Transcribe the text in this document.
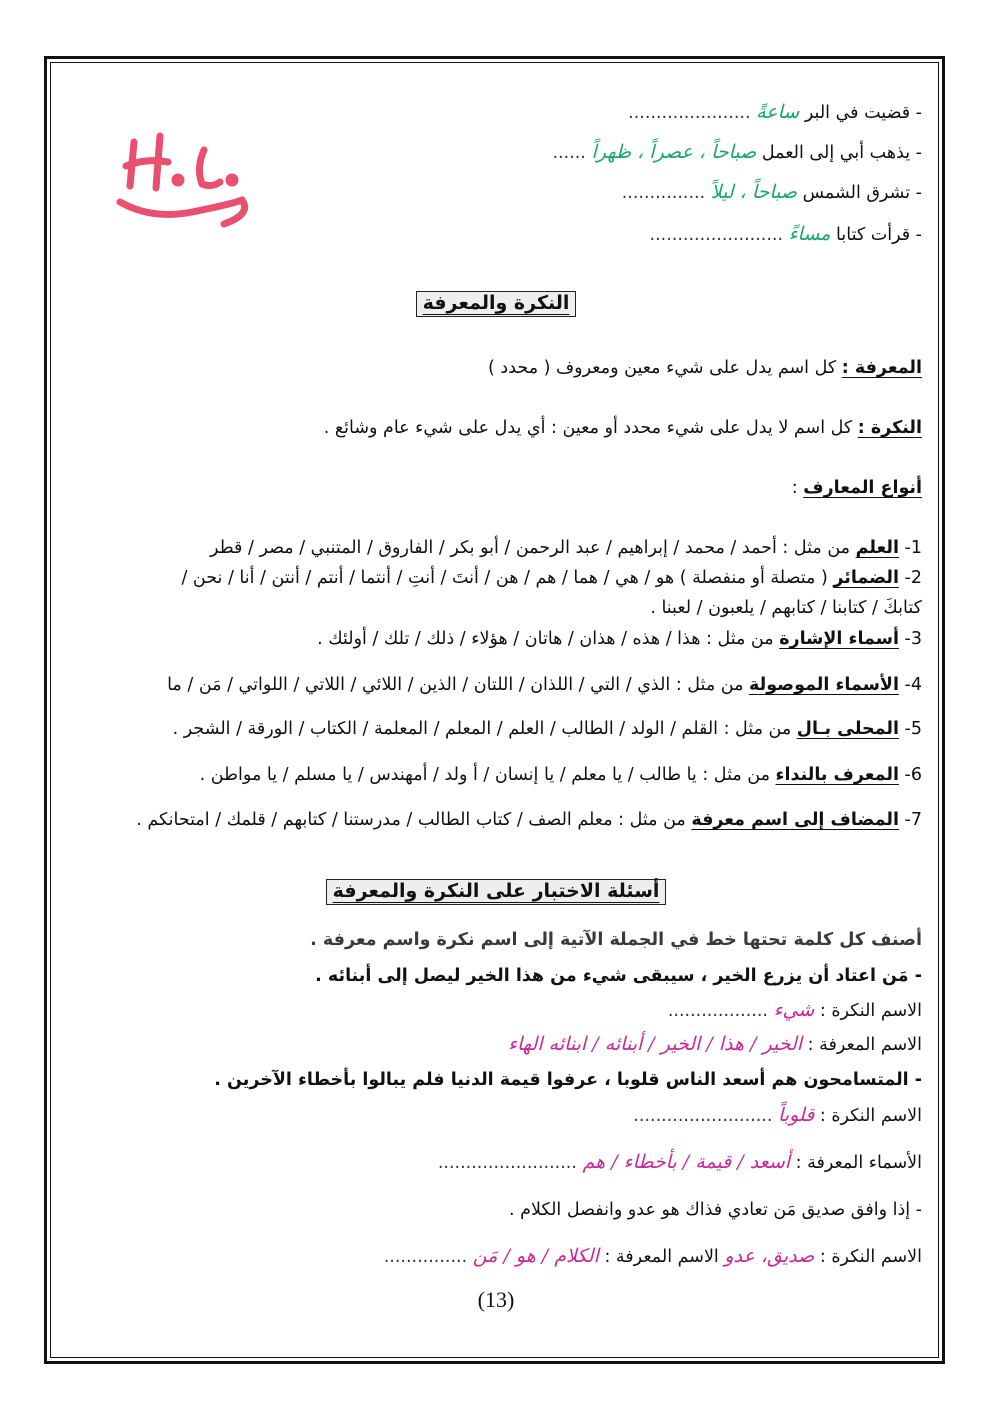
- قضيت في البر ساعةً ......................
- يذهب أبي إلى العمل صباحاً ، عصراً ، ظهراً ......
- تشرق الشمس صباحاً ، ليلاً ...............
- قرأت كتابا مساءً ........................
النكرة والمعرفة
المعرفة : كل اسم يدل على شيء معين ومعروف ( محدد )
النكرة : كل اسم لا يدل على شيء محدد أو معين : أي يدل على شيء عام وشائع .
أنواع المعارف :
1- العلم من مثل : أحمد / محمد / إبراهيم / عبد الرحمن / أبو بكر / الفاروق / المتنبي / مصر / قطر
2- الضمائر ( متصلة أو منفصلة ) هو / هي / هما / هم / هن / أنتَ / أنتِ / أنتما / أنتم / أنتن / أنا / نحن /
كتابكَ / كتابنا / كتابهم / يلعبون / لعبنا .
3- أسماء الإشارة من مثل : هذا / هذه / هذان / هاتان / هؤلاء / ذلك / تلك / أولئك .
4- الأسماء الموصولة من مثل : الذي / التي / اللذان / اللتان / الذين / اللائي / اللاتي / اللواتي / مَن / ما
5- المحلى بـال من مثل : القلم / الولد / الطالب / العلم / المعلم / المعلمة / الكتاب / الورقة / الشجر .
6- المعرف بالنداء من مثل : يا طالب / يا معلم / يا إنسان / أ ولد / أمهندس / يا مسلم / يا مواطن .
7- المضاف إلى اسم معرفة من مثل : معلم الصف / كتاب الطالب / مدرستنا / كتابهم / قلمك / امتحانكم .
أسئلة الاختبار على النكرة والمعرفة
أصنف كل كلمة تحتها خط في الجملة الآتية إلى اسم نكرة واسم معرفة .
- مَن اعتاد أن يزرع الخير ، سيبقى شيء من هذا الخير ليصل إلى أبنائه .
الاسم النكرة : شيء ..................
الاسم المعرفة : الخير / هذا / الخير / أبنائه / ابنائه الهاء
- المتسامحون هم أسعد الناس قلوبا ، عرفوا قيمة الدنيا فلم يبالوا بأخطاء الآخرين .
الاسم النكرة : قلوباً .........................
الأسماء المعرفة : أسعد / قيمة / بأخطاء / هم .........................
- إذا وافق صديق مَن تعادي فذاك هو عدو وانفصل الكلام .
الاسم النكرة : صديق، عدو الاسم المعرفة : الكلام / هو / مَن ...............
(13)
